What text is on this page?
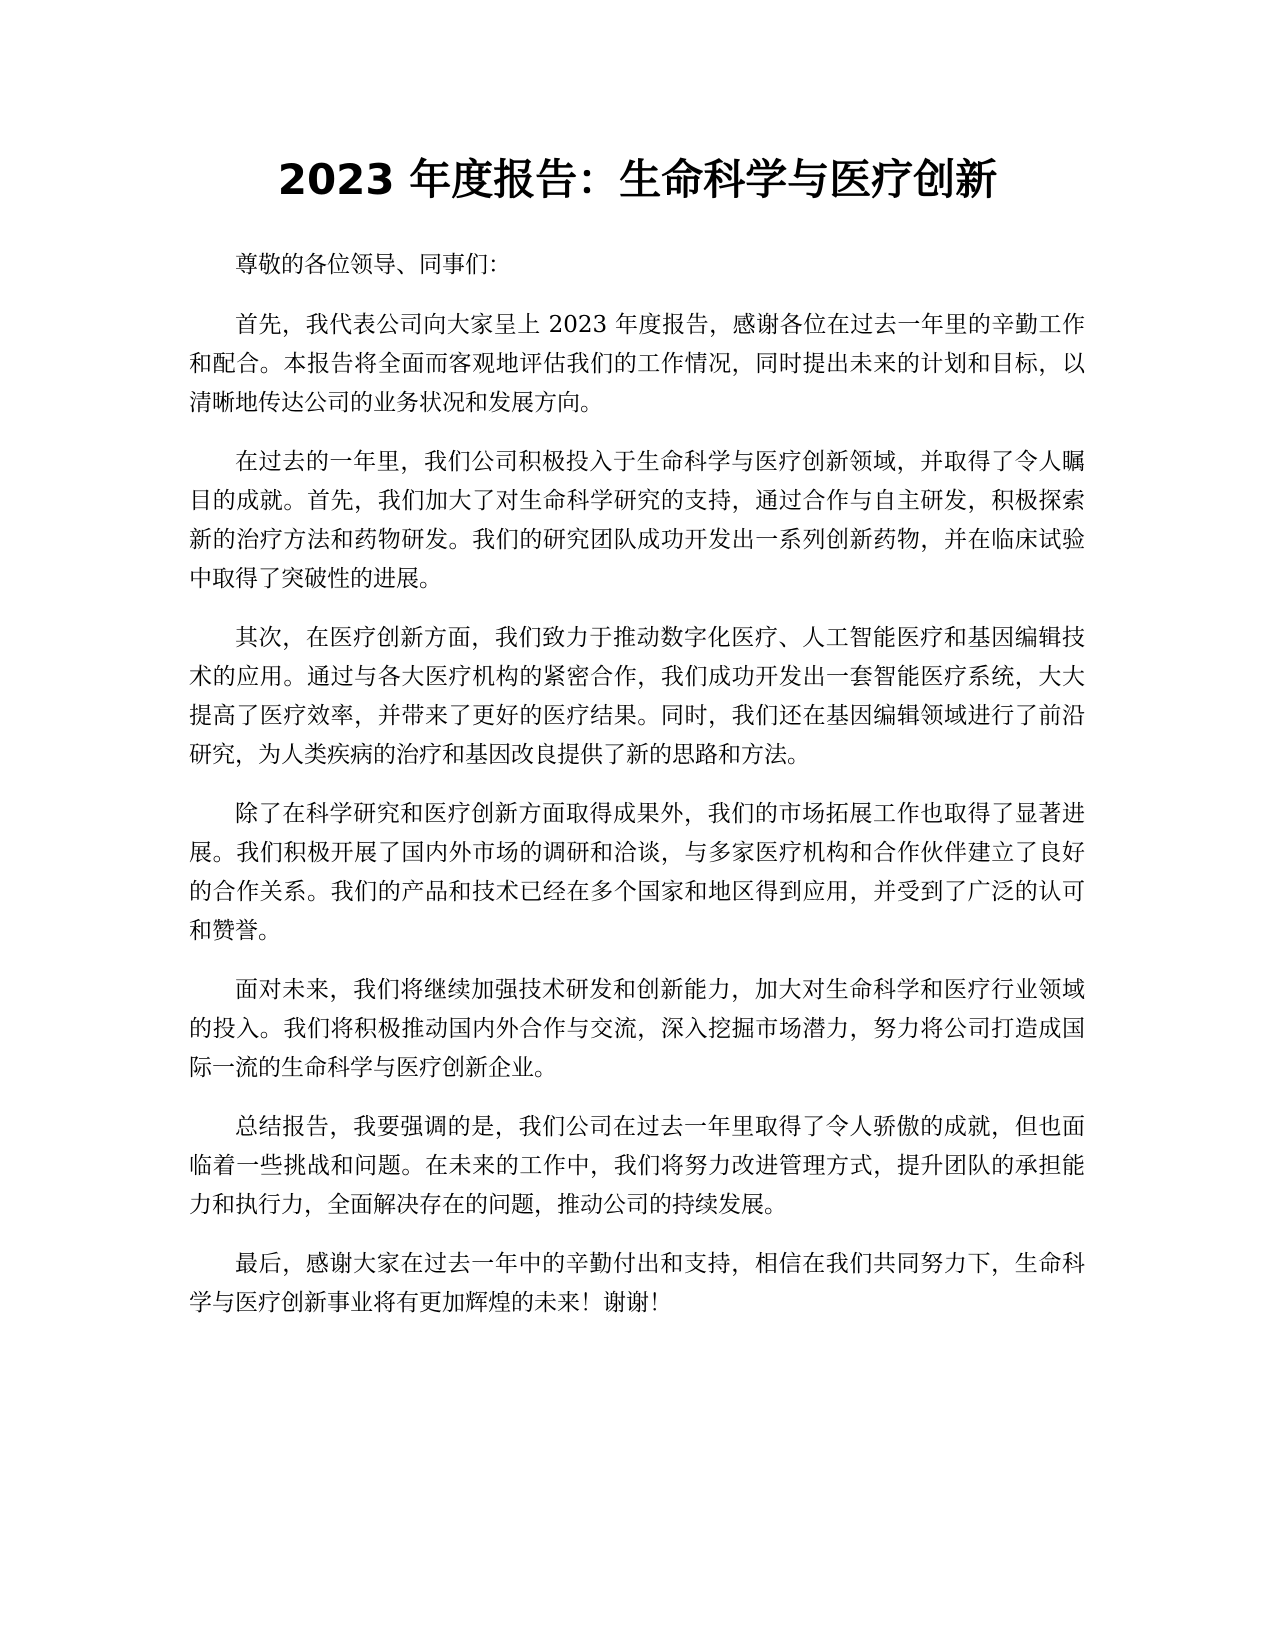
2023 年度报告：生命科学与医疗创新

尊敬的各位领导、同事们：

首先，我代表公司向大家呈上 2023 年度报告，感谢各位在过去一年里的辛勤工作和配合。本报告将全面而客观地评估我们的工作情况，同时提出未来的计划和目标，以清晰地传达公司的业务状况和发展方向。

在过去的一年里，我们公司积极投入于生命科学与医疗创新领域，并取得了令人瞩目的成就。首先，我们加大了对生命科学研究的支持，通过合作与自主研发，积极探索新的治疗方法和药物研发。我们的研究团队成功开发出一系列创新药物，并在临床试验中取得了突破性的进展。

其次，在医疗创新方面，我们致力于推动数字化医疗、人工智能医疗和基因编辑技术的应用。通过与各大医疗机构的紧密合作，我们成功开发出一套智能医疗系统，大大提高了医疗效率，并带来了更好的医疗结果。同时，我们还在基因编辑领域进行了前沿研究，为人类疾病的治疗和基因改良提供了新的思路和方法。

除了在科学研究和医疗创新方面取得成果外，我们的市场拓展工作也取得了显著进展。我们积极开展了国内外市场的调研和洽谈，与多家医疗机构和合作伙伴建立了良好的合作关系。我们的产品和技术已经在多个国家和地区得到应用，并受到了广泛的认可和赞誉。

面对未来，我们将继续加强技术研发和创新能力，加大对生命科学和医疗行业领域的投入。我们将积极推动国内外合作与交流，深入挖掘市场潜力，努力将公司打造成国际一流的生命科学与医疗创新企业。

总结报告，我要强调的是，我们公司在过去一年里取得了令人骄傲的成就，但也面临着一些挑战和问题。在未来的工作中，我们将努力改进管理方式，提升团队的承担能力和执行力，全面解决存在的问题，推动公司的持续发展。

最后，感谢大家在过去一年中的辛勤付出和支持，相信在我们共同努力下，生命科学与医疗创新事业将有更加辉煌的未来！谢谢！
